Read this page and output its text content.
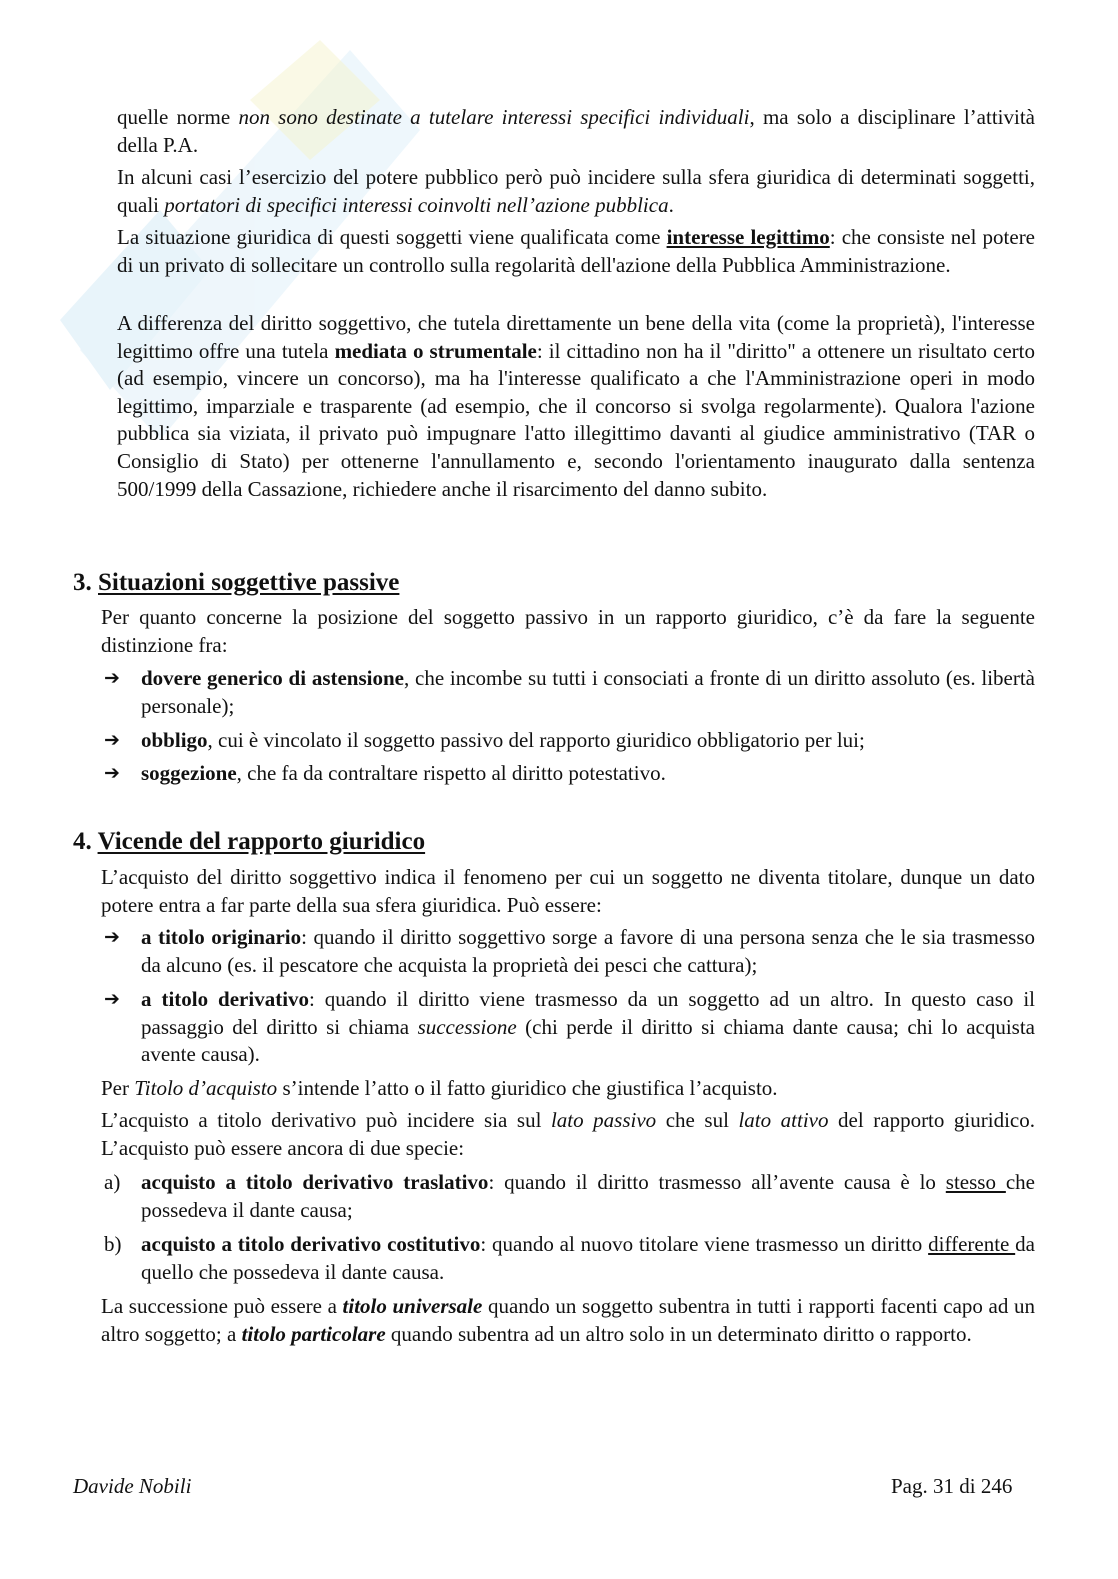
quelle norme non sono destinate a tutelare interessi specifici individuali, ma solo a disciplinare l’attività della P.A.

In alcuni casi l’esercizio del potere pubblico però può incidere sulla sfera giuridica di determinati soggetti, quali portatori di specifici interessi coinvolti nell’azione pubblica.

La situazione giuridica di questi soggetti viene qualificata come interesse legittimo: che consiste nel potere di un privato di sollecitare un controllo sulla regolarità dell'azione della Pubblica Amministrazione.

A differenza del diritto soggettivo, che tutela direttamente un bene della vita (come la proprietà), l'interesse legittimo offre una tutela mediata o strumentale: il cittadino non ha il "diritto" a ottenere un risultato certo (ad esempio, vincere un concorso), ma ha l'interesse qualificato a che l'Amministrazione operi in modo legittimo, imparziale e trasparente (ad esempio, che il concorso si svolga regolarmente). Qualora l'azione pubblica sia viziata, il privato può impugnare l'atto illegittimo davanti al giudice amministrativo (TAR o Consiglio di Stato) per ottenerne l'annullamento e, secondo l'orientamento inaugurato dalla sentenza 500/1999 della Cassazione, richiedere anche il risarcimento del danno subito.

3. Situazioni soggettive passive

Per quanto concerne la posizione del soggetto passivo in un rapporto giuridico, c’è da fare la seguente distinzione fra:

➔	dovere generico di astensione, che incombe su tutti i consociati a fronte di un diritto assoluto (es. libertà personale);
➔	obbligo, cui è vincolato il soggetto passivo del rapporto giuridico obbligatorio per lui;
➔	soggezione, che fa da contraltare rispetto al diritto potestativo.
4. Vicende del rapporto giuridico

L’acquisto del diritto soggettivo indica il fenomeno per cui un soggetto ne diventa titolare, dunque un dato potere entra a far parte della sua sfera giuridica. Può essere:

➔	a titolo originario: quando il diritto soggettivo sorge a favore di una persona senza che le sia trasmesso da alcuno (es. il pescatore che acquista la proprietà dei pesci che cattura);
➔	a titolo derivativo: quando il diritto viene trasmesso da un soggetto ad un altro. In questo caso il passaggio del diritto si chiama successione (chi perde il diritto si chiama dante causa; chi lo acquista avente causa).

Per Titolo d’acquisto s’intende l’atto o il fatto giuridico che giustifica l’acquisto.

L’acquisto a titolo derivativo può incidere sia sul lato passivo che sul lato attivo del rapporto giuridico. L’acquisto può essere ancora di due specie:

a) acquisto a titolo derivativo traslativo: quando il diritto trasmesso all’avente causa è lo stesso che possedeva il dante causa;
b) acquisto a titolo derivativo costitutivo: quando al nuovo titolare viene trasmesso un diritto differente da quello che possedeva il dante causa.

La successione può essere a titolo universale quando un soggetto subentra in tutti i rapporti facenti capo ad un altro soggetto; a titolo particolare quando subentra ad un altro solo in un determinato diritto o rapporto.

Davide Nobili	Pag. 31 di 246
